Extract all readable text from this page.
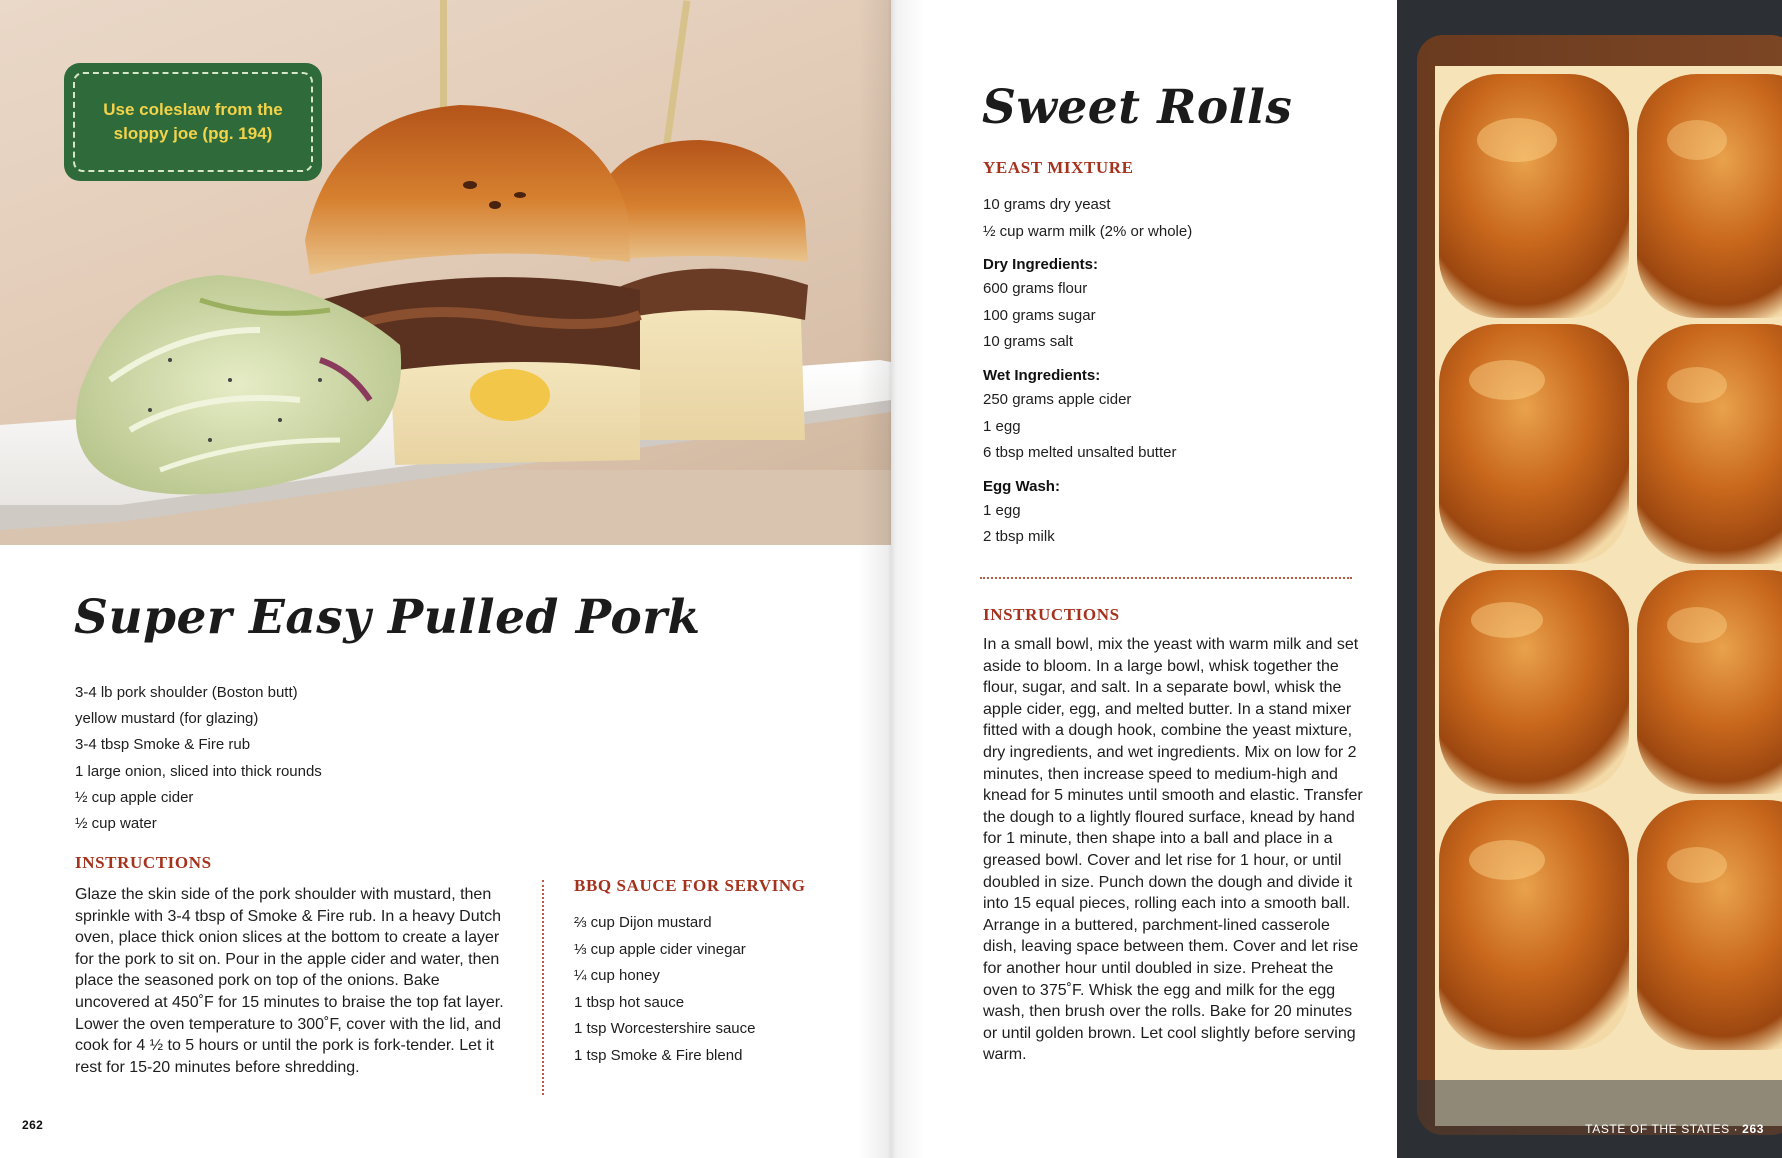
Use coleslaw from the sloppy joe (pg. 194)
Super Easy Pulled Pork
3-4 lb pork shoulder (Boston butt)
yellow mustard (for glazing)
3-4 tbsp Smoke & Fire rub
1 large onion, sliced into thick rounds
½ cup apple cider
½ cup water
INSTRUCTIONS

Glaze the skin side of the pork shoulder with mustard, then sprinkle with 3-4 tbsp of Smoke & Fire rub. In a heavy Dutch oven, place thick onion slices at the bottom to create a layer for the pork to sit on. Pour in the apple cider and water, then place the seasoned pork on top of the onions. Bake uncovered at 450˚F for 15 minutes to braise the top fat layer. Lower the oven temperature to 300˚F, cover with the lid, and cook for 4 ½ to 5 hours or until the pork is fork-tender. Let it rest for 15-20 minutes before shredding.

BBQ SAUCE FOR SERVING
⅔ cup Dijon mustard
⅓ cup apple cider vinegar
¼ cup honey
1 tbsp hot sauce
1 tsp Worcestershire sauce
1 tsp Smoke & Fire blend
262
Sweet Rolls
YEAST MIXTURE
10 grams dry yeast
½ cup warm milk (2% or whole)
Dry Ingredients:
600 grams flour
100 grams sugar
10 grams salt
Wet Ingredients:
250 grams apple cider
1 egg
6 tbsp melted unsalted butter
Egg Wash:
1 egg
2 tbsp milk
INSTRUCTIONS

In a small bowl, mix the yeast with warm milk and set aside to bloom. In a large bowl, whisk together the flour, sugar, and salt. In a separate bowl, whisk the apple cider, egg, and melted butter. In a stand mixer fitted with a dough hook, combine the yeast mixture, dry ingredients, and wet ingredients. Mix on low for 2 minutes, then increase speed to medium-high and knead for 5 minutes until smooth and elastic. Transfer the dough to a lightly floured surface, knead by hand for 1 minute, then shape into a ball and place in a greased bowl. Cover and let rise for 1 hour, or until doubled in size. Punch down the dough and divide it into 15 equal pieces, rolling each into a smooth ball. Arrange in a buttered, parchment-lined casserole dish, leaving space between them. Cover and let rise for another hour until doubled in size. Preheat the oven to 375˚F. Whisk the egg and milk for the egg wash, then brush over the rolls. Bake for 20 minutes or until golden brown. Let cool slightly before serving warm.

TASTE OF THE STATES · 263
